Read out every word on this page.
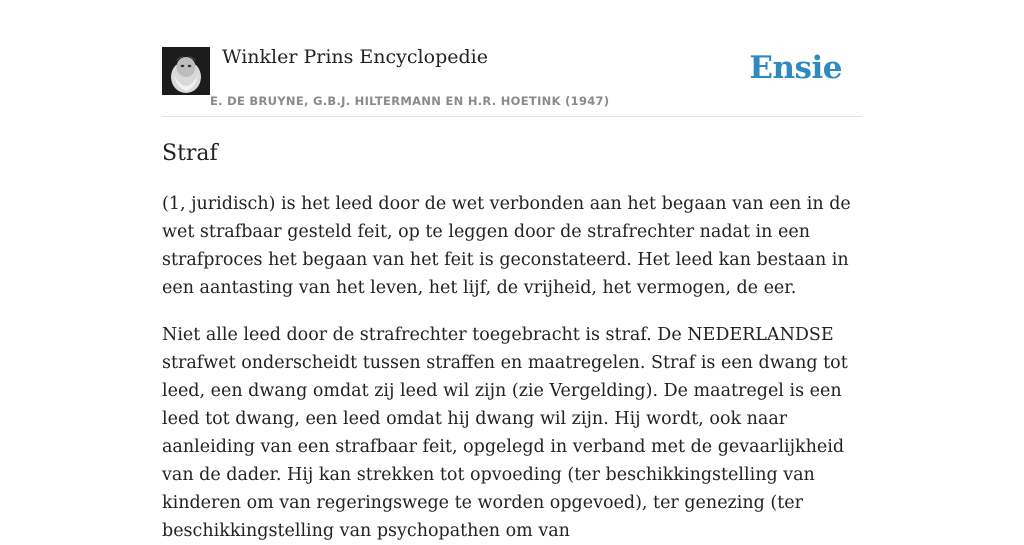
Winkler Prins Encyclopedie	Ensie
E. DE BRUYNE, G.B.J. HILTERMANN EN H.R. HOETINK (1947)
Straf

(1, juridisch) is het leed door de wet verbonden aan het begaan van een in de wet strafbaar gesteld feit, op te leggen door de strafrechter nadat in een strafproces het begaan van het feit is geconstateerd. Het leed kan bestaan in een aantasting van het leven, het lijf, de vrijheid, het vermogen, de eer.

Niet alle leed door de strafrechter toegebracht is straf. De NEDERLANDSE strafwet onderscheidt tussen straffen en maatregelen. Straf is een dwang tot leed, een dwang omdat zij leed wil zijn (zie Vergelding). De maatregel is een leed tot dwang, een leed omdat hij dwang wil zijn. Hij wordt, ook naar aanleiding van een strafbaar feit, opgelegd in verband met de gevaarlijkheid van de dader. Hij kan strekken tot opvoeding (ter beschikkingstelling van kinderen om van regeringswege te worden opgevoed), ter genezing (ter beschikkingstelling van psychopathen om van
